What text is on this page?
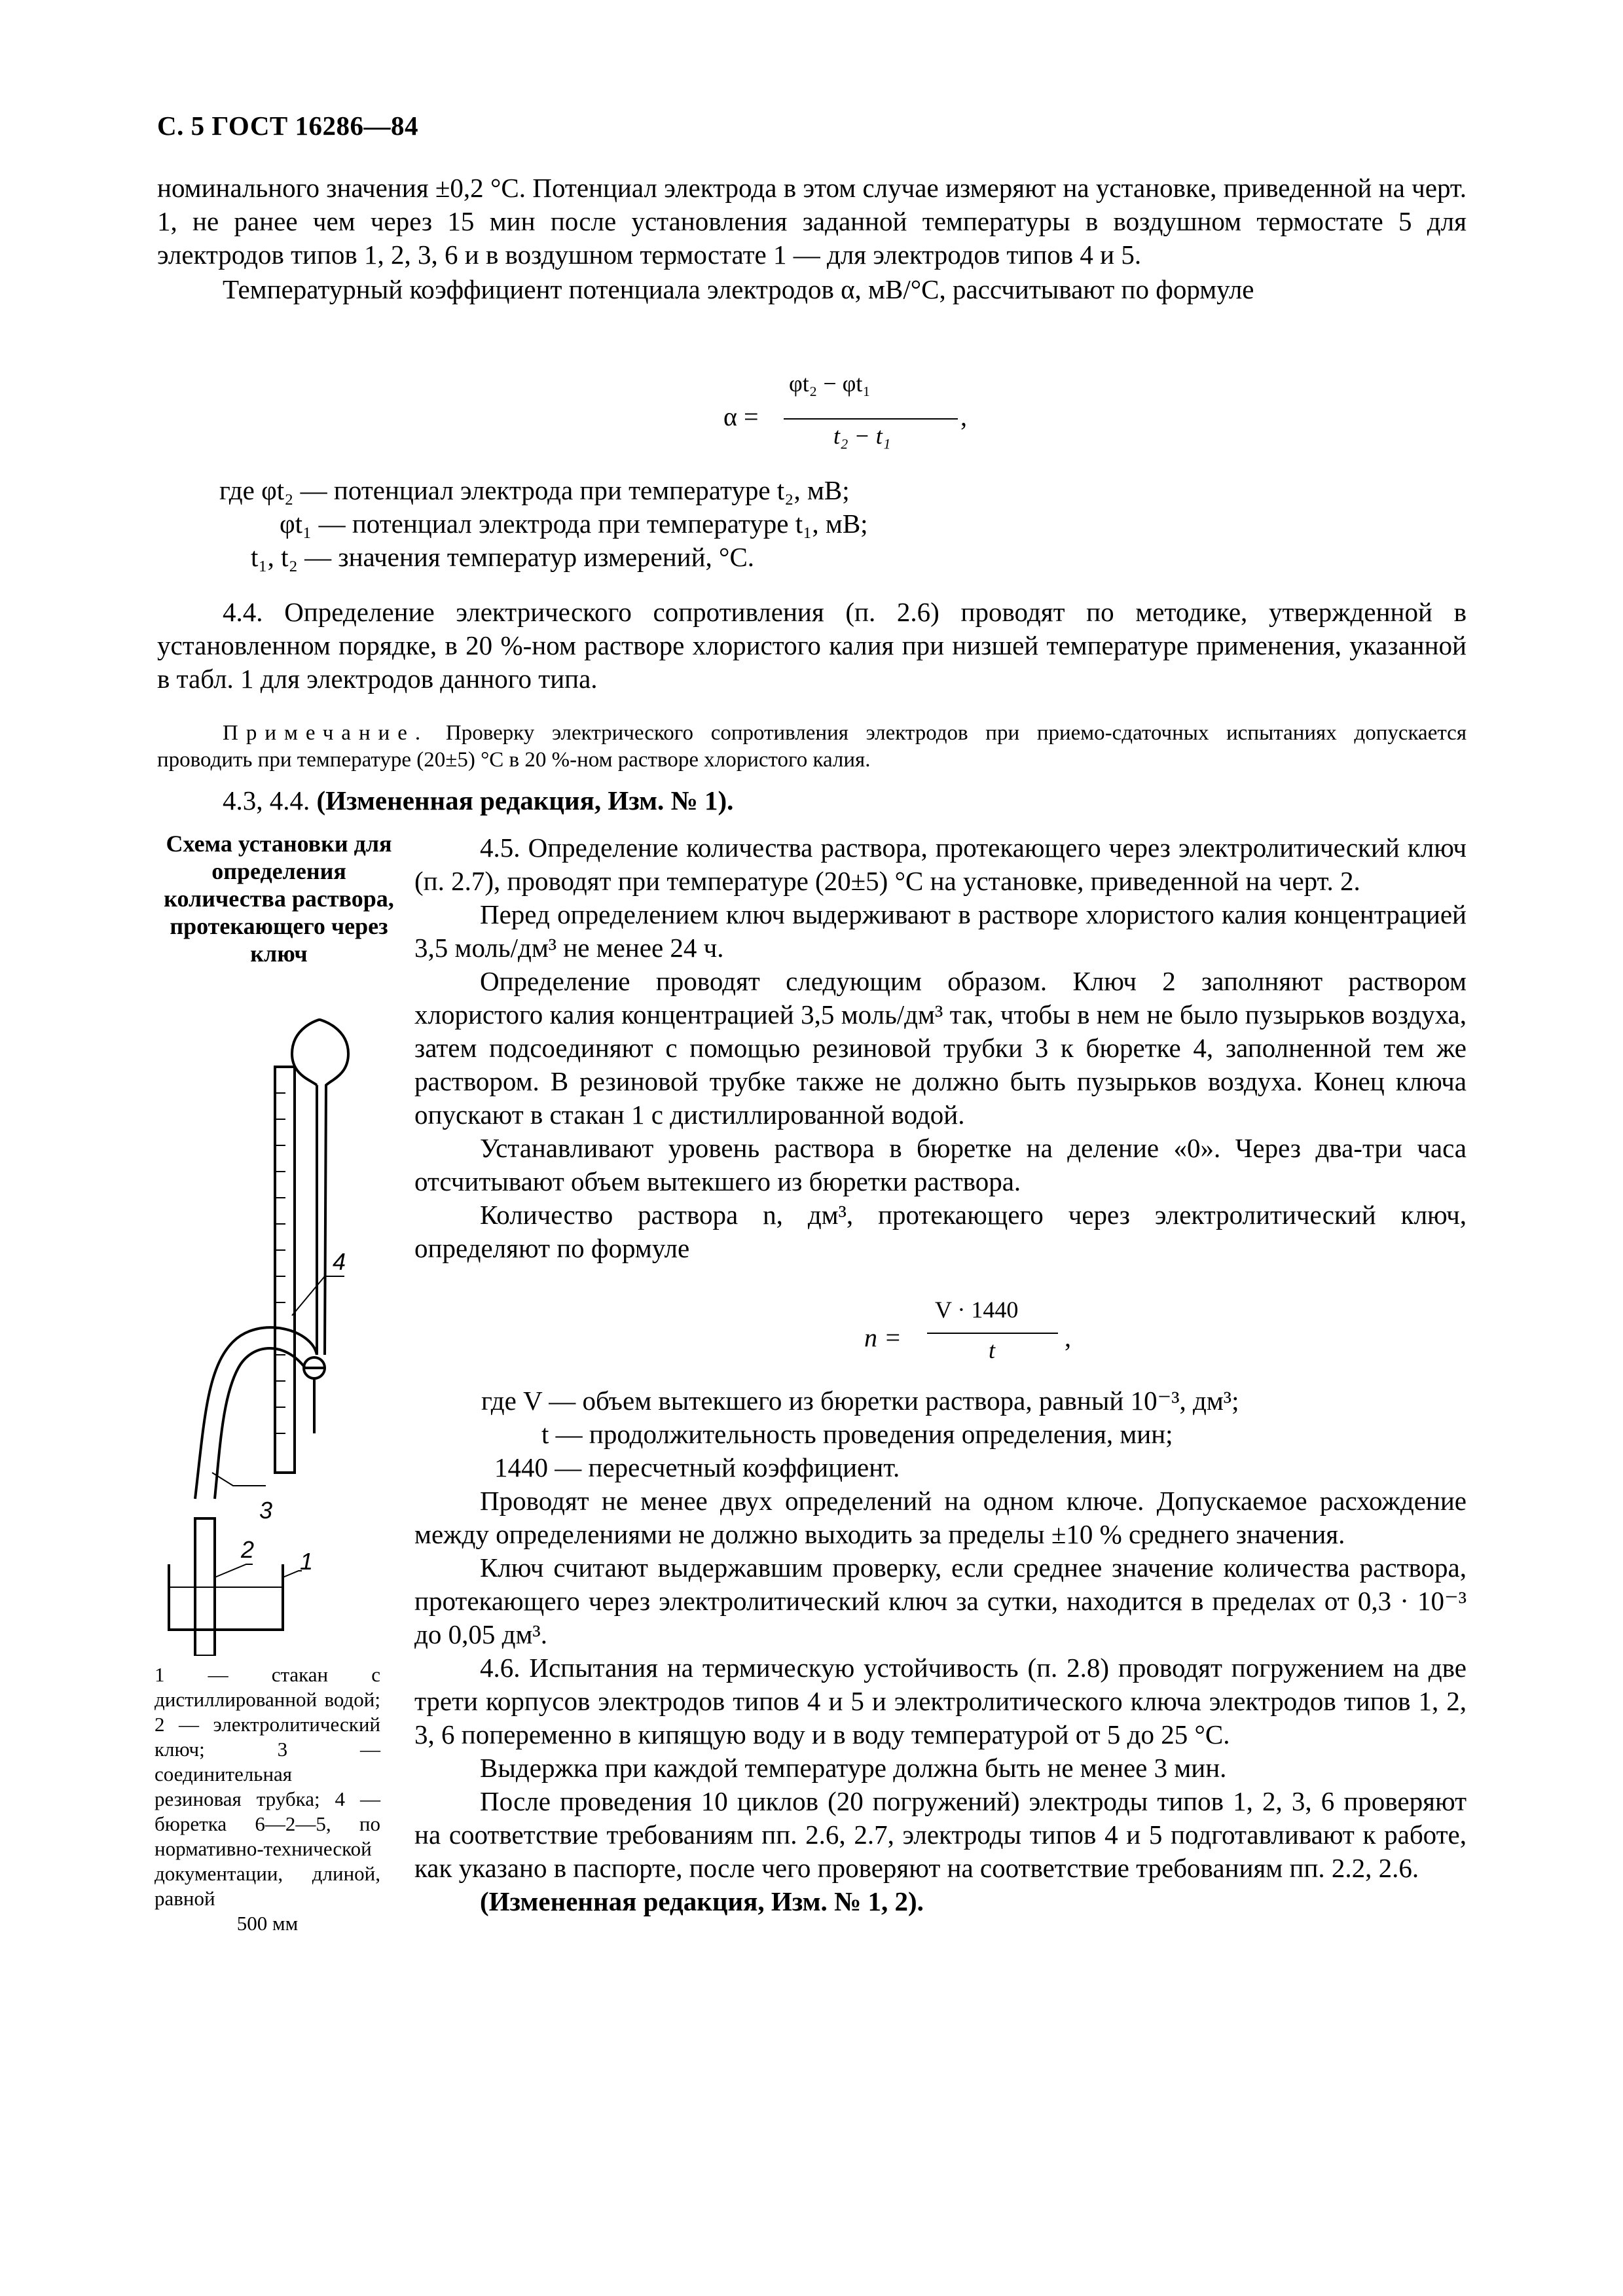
С. 5 ГОСТ 16286—84

номинального значения ±0,2 °С. Потенциал электрода в этом случае измеряют на установке, приведенной на черт. 1, не ранее чем через 15 мин после установления заданной температуры в воздушном термостате 5 для электродов типов 1, 2, 3, 6 и в воздушном термостате 1 — для электродов типов 4 и 5.

Температурный коэффициент потенциала электродов α, мВ/°С, рассчитывают по формуле

α =
φt₂ − φt₁
t₂ − t₁
,
где φt₂ — потенциал электрода при температуре t₂, мВ;
φt₁ — потенциал электрода при температуре t₁, мВ;
t₁, t₂ — значения температур измерений, °С.

4.4. Определение электрического сопротивления (п. 2.6) проводят по методике, утвержденной в установленном порядке, в 20 %-ном растворе хлористого калия при низшей температуре применения, указанной в табл. 1 для электродов данного типа.

Примечание. Проверку электрического сопротивления электродов при приемо-сдаточных испытаниях допускается проводить при температуре (20±5) °С в 20 %-ном растворе хлористого калия.
4.3, 4.4. (Измененная редакция, Изм. № 1).
Схема установки для определения количества раствора, протекающего через ключ
4
3
2 1
1 — стакан с дистиллированной водой; 2 — электролитический ключ; 3 — соединительная резиновая трубка; 4 — бюретка 6—2—5, по нормативно-технической документации, длиной, равной
500 мм

4.5. Определение количества раствора, протекающего через электролитический ключ (п. 2.7), проводят при температуре (20±5) °С на установке, приведенной на черт. 2.

Перед определением ключ выдерживают в растворе хлористого калия концентрацией 3,5 моль/дм³ не менее 24 ч.

Определение проводят следующим образом. Ключ 2 заполняют раствором хлористого калия концентрацией 3,5 моль/дм³ так, чтобы в нем не было пузырьков воздуха, затем подсоединяют с помощью резиновой трубки 3 к бюретке 4, заполненной тем же раствором. В резиновой трубке также не должно быть пузырьков воздуха. Конец ключа опускают в стакан 1 с дистиллированной водой.

Устанавливают уровень раствора в бюретке на деление «0». Через два-три часа отсчитывают объем вытекшего из бюретки раствора.

Количество раствора n, дм³, протекающего через электролитический ключ, определяют по формуле

n =
V · 1440
t	,
где V — объем вытекшего из бюретки раствора, равный 10⁻³, дм³;
t — продолжительность проведения определения, мин;
1440 — пересчетный коэффициент.

Проводят не менее двух определений на одном ключе. Допускаемое расхождение между определениями не должно выходить за пределы ±10 % среднего значения.

Ключ считают выдержавшим проверку, если среднее значение количества раствора, протекающего через электролитический ключ за сутки, находится в пределах от 0,3 · 10⁻³ до 0,05 дм³.

4.6. Испытания на термическую устойчивость (п. 2.8) проводят погружением на две трети корпусов электродов типов 4 и 5 и электролитического ключа электродов типов 1, 2, 3, 6 попеременно в кипящую воду и в воду температурой от 5 до 25 °С.

Выдержка при каждой температуре должна быть не менее 3 мин.

После проведения 10 циклов (20 погружений) электроды типов 1, 2, 3, 6 проверяют на соответствие требованиям пп. 2.6, 2.7, электроды типов 4 и 5 подготавливают к работе, как указано в паспорте, после чего проверяют на соответствие требованиям пп. 2.2, 2.6.

(Измененная редакция, Изм. № 1, 2).
